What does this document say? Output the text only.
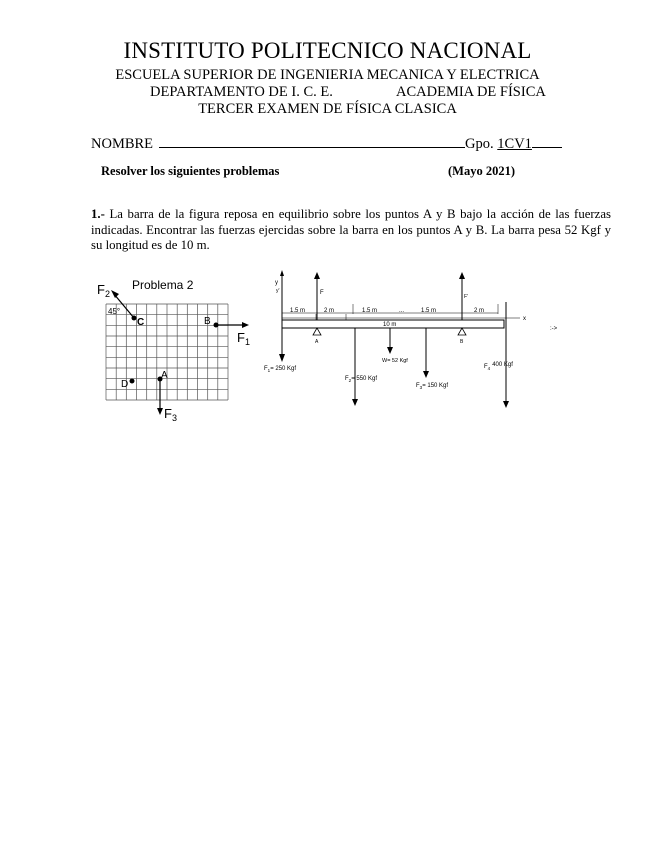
INSTITUTO POLITECNICO NACIONAL
ESCUELA SUPERIOR DE INGENIERIA MECANICA Y ELECTRICA
DEPARTAMENTO DE I. C. E.	ACADEMIA DE FÍSICA
TERCER EXAMEN DE FÍSICA CLASICA
NOMBRE	Gpo. 1CV1
Resolver los siguientes problemas	(Mayo 2021)
1.- La barra de la figura reposa en equilibrio sobre los puntos A y B bajo la acción de las fuerzas indicadas. Encontrar las fuerzas ejercidas sobre la barra en los puntos A y B. La barra pesa 52 Kgf y su longitud es de 10 m.
Problema 2
$F_2$
45°
C	B
$F_1$
D
A
$F_3$
y
y'
$F_1= 250$ Kgf
1.5 m	2 m	1.5 m	...	1.5 m	2 m
x
10 m
:->
A	B
F
F'
$F_2= 550$ Kgf
W= 52 Kgf
$F_3= 150$ Kgf
$F_4400$ Kgf
